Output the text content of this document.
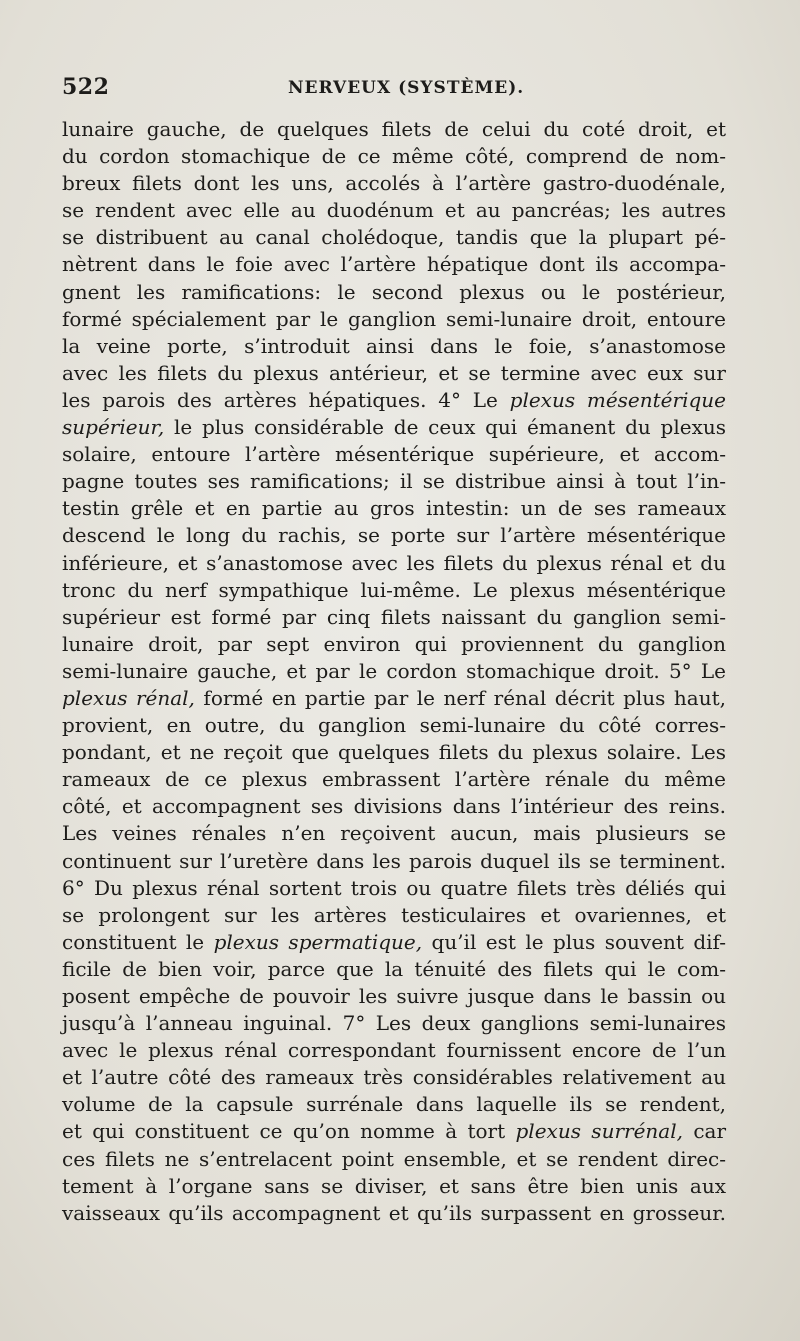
522	NERVEUX (SYSTÈME).
lunaire gauche, de quelques filets de celui du coté droit, et
du cordon stomachique de ce même côté, comprend de nom-
breux filets dont les uns, accolés à l’artère gastro-duodénale,
se rendent avec elle au duodénum et au pancréas; les autres
se distribuent au canal cholédoque, tandis que la plupart pé-
nètrent dans le foie avec l’artère hépatique dont ils accompa-
gnent les ramifications: le second plexus ou le postérieur,
formé spécialement par le ganglion semi-lunaire droit, entoure
la veine porte, s’introduit ainsi dans le foie, s’anastomose
avec les filets du plexus antérieur, et se termine avec eux sur
les parois des artères hépatiques. 4° Le plexus mésentérique
supérieur, le plus considérable de ceux qui émanent du plexus
solaire, entoure l’artère mésentérique supérieure, et accom-
pagne toutes ses ramifications; il se distribue ainsi à tout l’in-
testin grêle et en partie au gros intestin: un de ses rameaux
descend le long du rachis, se porte sur l’artère mésentérique
inférieure, et s’anastomose avec les filets du plexus rénal et du
tronc du nerf sympathique lui-même. Le plexus mésentérique
supérieur est formé par cinq filets naissant du ganglion semi-
lunaire droit, par sept environ qui proviennent du ganglion
semi-lunaire gauche, et par le cordon stomachique droit. 5° Le
plexus rénal, formé en partie par le nerf rénal décrit plus haut,
provient, en outre, du ganglion semi-lunaire du côté corres-
pondant, et ne reçoit que quelques filets du plexus solaire. Les
rameaux de ce plexus embrassent l’artère rénale du même
côté, et accompagnent ses divisions dans l’intérieur des reins.
Les veines rénales n’en reçoivent aucun, mais plusieurs se
continuent sur l’uretère dans les parois duquel ils se terminent.
6° Du plexus rénal sortent trois ou quatre filets très déliés qui
se prolongent sur les artères testiculaires et ovariennes, et
constituent le plexus spermatique, qu’il est le plus souvent dif-
ficile de bien voir, parce que la ténuité des filets qui le com-
posent empêche de pouvoir les suivre jusque dans le bassin ou
jusqu’à l’anneau inguinal. 7° Les deux ganglions semi-lunaires
avec le plexus rénal correspondant fournissent encore de l’un
et l’autre côté des rameaux très considérables relativement au
volume de la capsule surrénale dans laquelle ils se rendent,
et qui constituent ce qu’on nomme à tort plexus surrénal, car
ces filets ne s’entrelacent point ensemble, et se rendent direc-
tement à l’organe sans se diviser, et sans être bien unis aux
vaisseaux qu’ils accompagnent et qu’ils surpassent en grosseur.
